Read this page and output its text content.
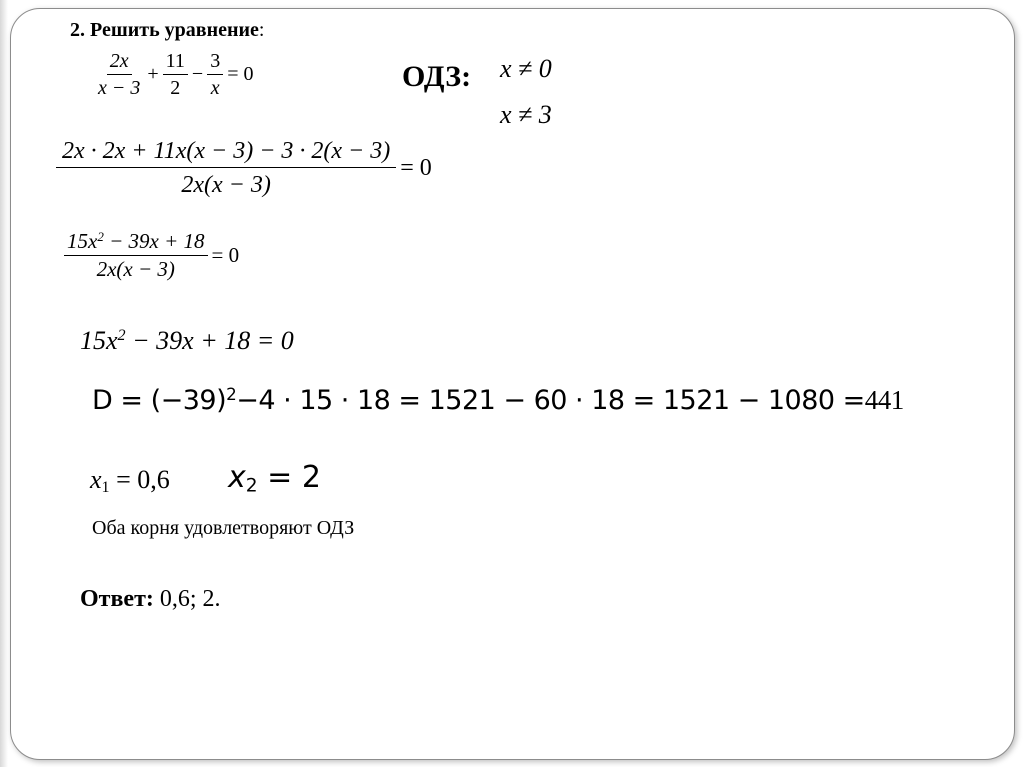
2. Решить уравнение:
$\frac{2x}{x - 3} + \frac{11}{2} - \frac{3}{x} = 0$	ОДЗ: x ≠ 0
x ≠ 3
$\frac{2x \cdot 2x + 11x(x - 3) - 3 \cdot 2(x - 3)}{2x(x - 3)} = 0$
$\frac{15x^2 - 39x + 18}{2x(x - 3)} = 0$
$15x^2 - 39x + 18 = 0$
$D = (-39)^2-4 \cdot 15 \cdot 18 = 1521 - 60 \cdot 18 = 1521 - 1080 =441$
$x_1 = 0,6$ $x_2 = 2$
Оба корня удовлетворяют ОДЗ
Ответ: 0,6; 2.
